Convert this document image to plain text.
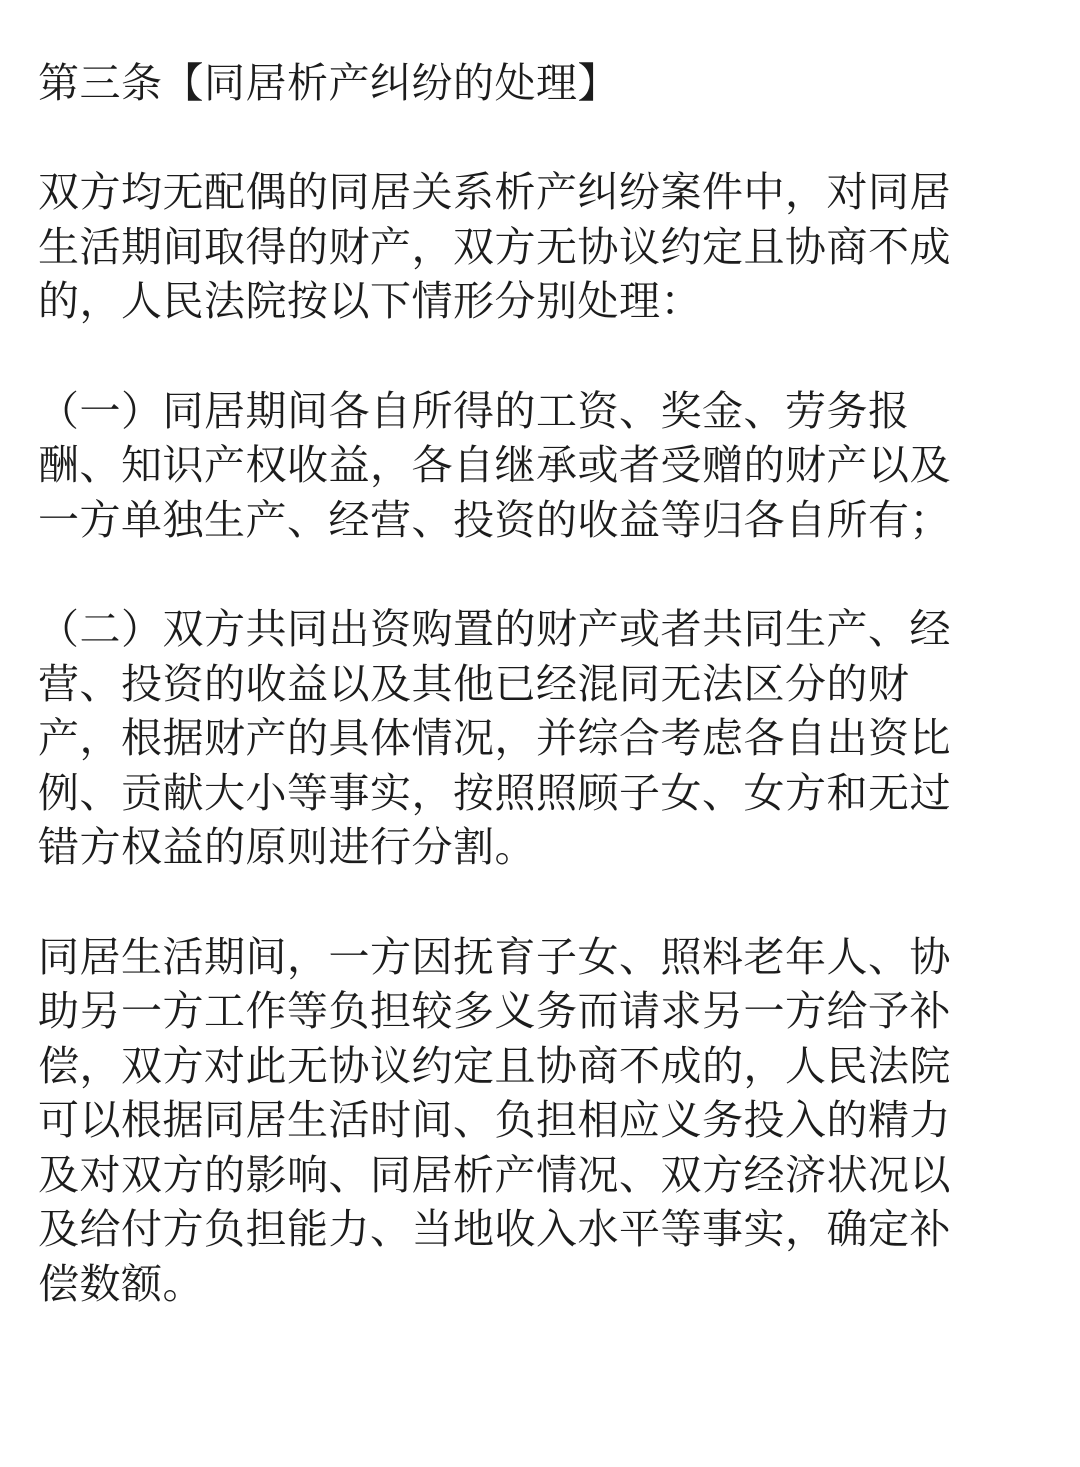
第三条【同居析产纠纷的处理】
双方均无配偶的同居关系析产纠纷案件中，对同居
生活期间取得的财产，双方无协议约定且协商不成
的，人民法院按以下情形分别处理：
（一）同居期间各自所得的工资、奖金、劳务报
酬、知识产权收益，各自继承或者受赠的财产以及
一方单独生产、经营、投资的收益等归各自所有；
（二）双方共同出资购置的财产或者共同生产、经
营、投资的收益以及其他已经混同无法区分的财
产，根据财产的具体情况，并综合考虑各自出资比
例、贡献大小等事实，按照照顾子女、女方和无过
错方权益的原则进行分割。
同居生活期间，一方因抚育子女、照料老年人、协
助另一方工作等负担较多义务而请求另一方给予补
偿，双方对此无协议约定且协商不成的，人民法院
可以根据同居生活时间、负担相应义务投入的精力
及对双方的影响、同居析产情况、双方经济状况以
及给付方负担能力、当地收入水平等事实，确定补
偿数额。
